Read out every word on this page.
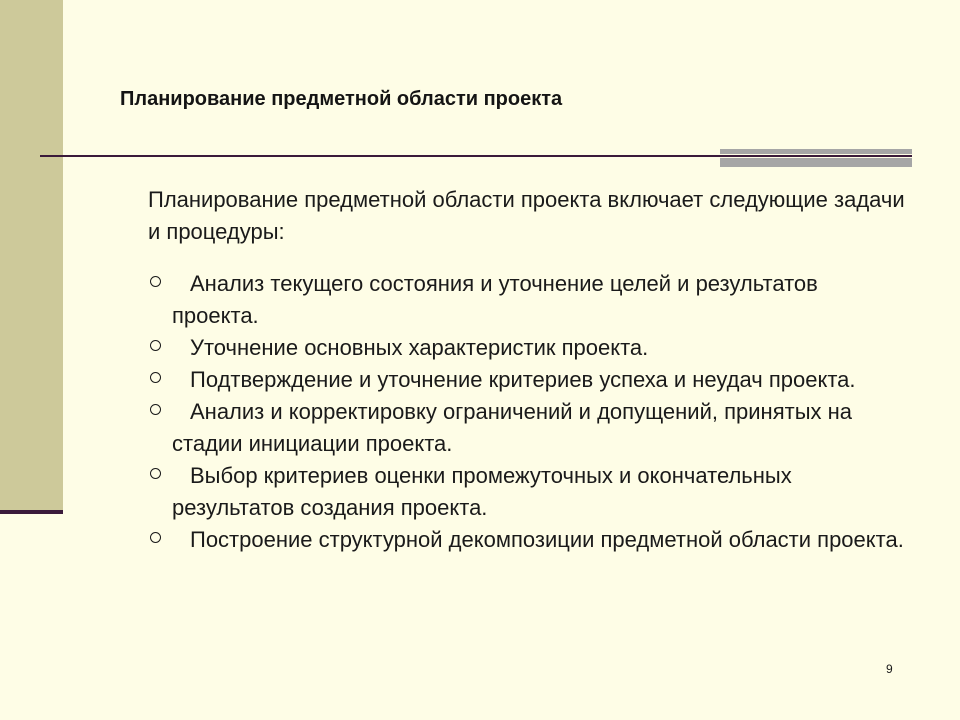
Планирование предметной области проекта

Планирование предметной области проекта включает следующие задачи и процедуры:

Анализ текущего состояния и уточнение целей и результатов проекта.
Уточнение основных характеристик проекта.
Подтверждение и уточнение критериев успеха и неудач проекта.
Анализ и корректировку ограничений и допущений, принятых на стадии инициации проекта.
Выбор критериев оценки промежуточных и окончательных результатов создания проекта.
Построение структурной декомпозиции предметной области проекта.
9
